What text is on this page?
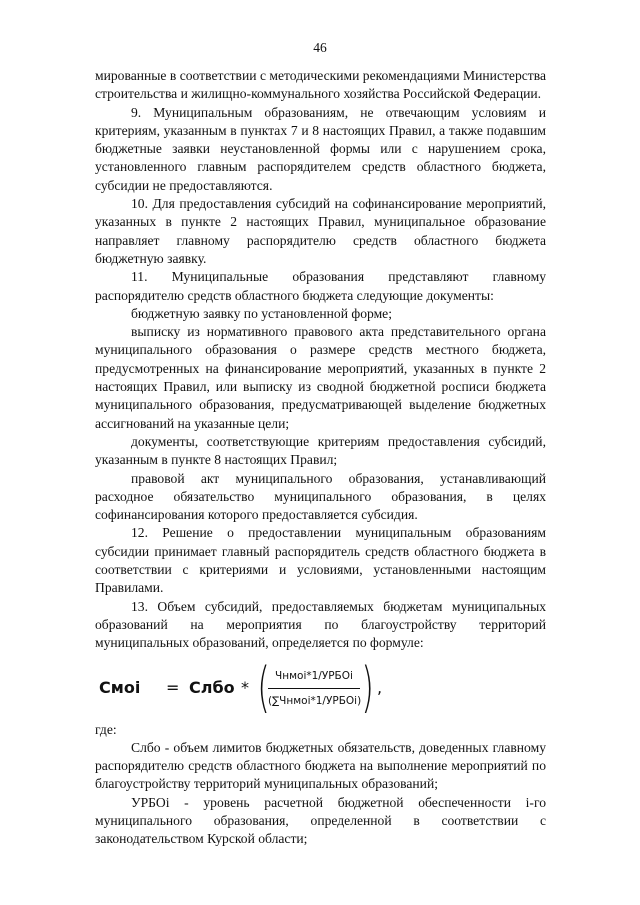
46

мированные в соответствии с методическими рекомендациями Министерства строительства и жилищно-коммунального хозяйства Российской Федерации.

9. Муниципальным образованиям, не отвечающим условиям и критериям, указанным в пунктах 7 и 8 настоящих Правил, а также подавшим бюджетные заявки неустановленной формы или с нарушением срока, установленного главным распорядителем средств областного бюджета, субсидии не предоставляются.

10. Для предоставления субсидий на софинансирование мероприятий, указанных в пункте 2 настоящих Правил, муниципальное образование направляет главному распорядителю средств областного бюджета бюджетную заявку.

11. Муниципальные образования представляют главному распорядителю средств областного бюджета следующие документы:

бюджетную заявку по установленной форме;

выписку из нормативного правового акта представительного органа муниципального образования о размере средств местного бюджета, предусмотренных на финансирование мероприятий, указанных в пункте 2 настоящих Правил, или выписку из сводной бюджетной росписи бюджета муниципального образования, предусматривающей выделение бюджетных ассигнований на указанные цели;

документы, соответствующие критериям предоставления субсидий, указанным в пункте 8 настоящих Правил;

правовой акт муниципального образования, устанавливающий расходное обязательство муниципального образования, в целях софинансирования которого предоставляется субсидия.

12. Решение о предоставлении муниципальным образованиям субсидии принимает главный распорядитель средств областного бюджета в соответствии с критериями и условиями, установленными настоящим Правилами.

13. Объем субсидий, предоставляемых бюджетам муниципальных образований на мероприятия по благоустройству территорий муниципальных образований, определяется по формуле:

Смоi = Слбо * ( Чнмоi*1/УРБОi
(∑Чнмоi*1/УРБОi) ) ,

где:

Слбо - объем лимитов бюджетных обязательств, доведенных главному распорядителю средств областного бюджета на выполнение мероприятий по благоустройству территорий муниципальных образований;

УРБОi - уровень расчетной бюджетной обеспеченности i-го муниципального образования, определенной в соответствии с законодательством Курской области;
